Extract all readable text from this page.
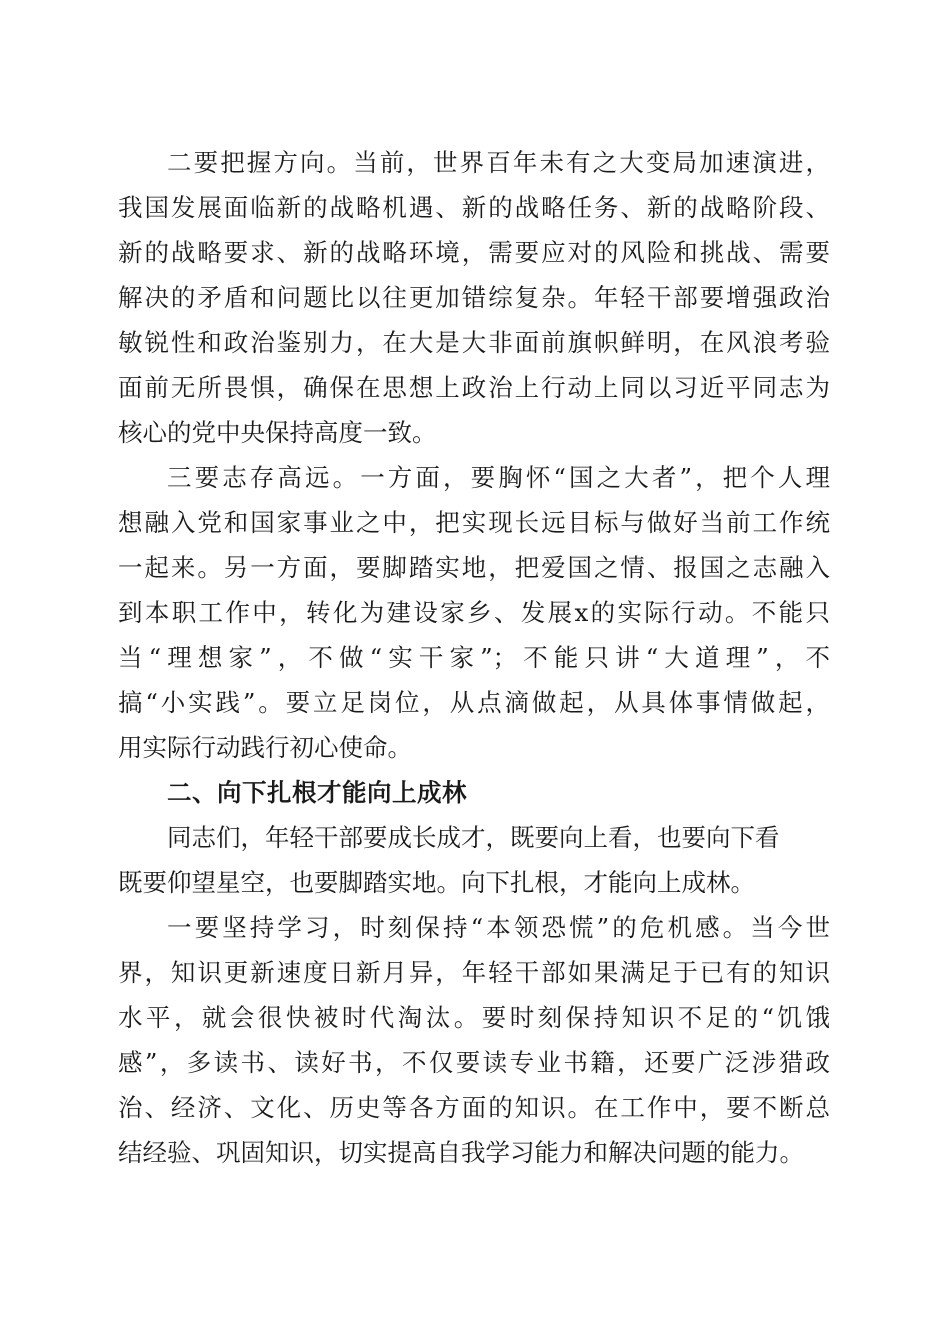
二要把握方向。当前，世界百年未有之大变局加速演进，
我国发展面临新的战略机遇、新的战略任务、新的战略阶段、
新的战略要求、新的战略环境，需要应对的风险和挑战、需要
解决的矛盾和问题比以往更加错综复杂。年轻干部要增强政治
敏锐性和政治鉴别力，在大是大非面前旗帜鲜明，在风浪考验
面前无所畏惧，确保在思想上政治上行动上同以习近平同志为
核心的党中央保持高度一致。
三要志存高远。一方面，要胸怀“国之大者”，把个人理
想融入党和国家事业之中，把实现长远目标与做好当前工作统
一起来。另一方面，要脚踏实地，把爱国之情、报国之志融入
到本职工作中，转化为建设家乡、发展x的实际行动。不能只
当“理想家”，不做“实干家”；不能只讲“大道理”，不
搞“小实践”。要立足岗位，从点滴做起，从具体事情做起，
用实际行动践行初心使命。
二、向下扎根才能向上成林
同志们，年轻干部要成长成才，既要向上看，也要向下看
既要仰望星空，也要脚踏实地。向下扎根，才能向上成林。
一要坚持学习，时刻保持“本领恐慌”的危机感。当今世
界，知识更新速度日新月异，年轻干部如果满足于已有的知识
水平，就会很快被时代淘汰。要时刻保持知识不足的“饥饿
感”，多读书、读好书，不仅要读专业书籍，还要广泛涉猎政
治、经济、文化、历史等各方面的知识。在工作中，要不断总
结经验、巩固知识，切实提高自我学习能力和解决问题的能力。
